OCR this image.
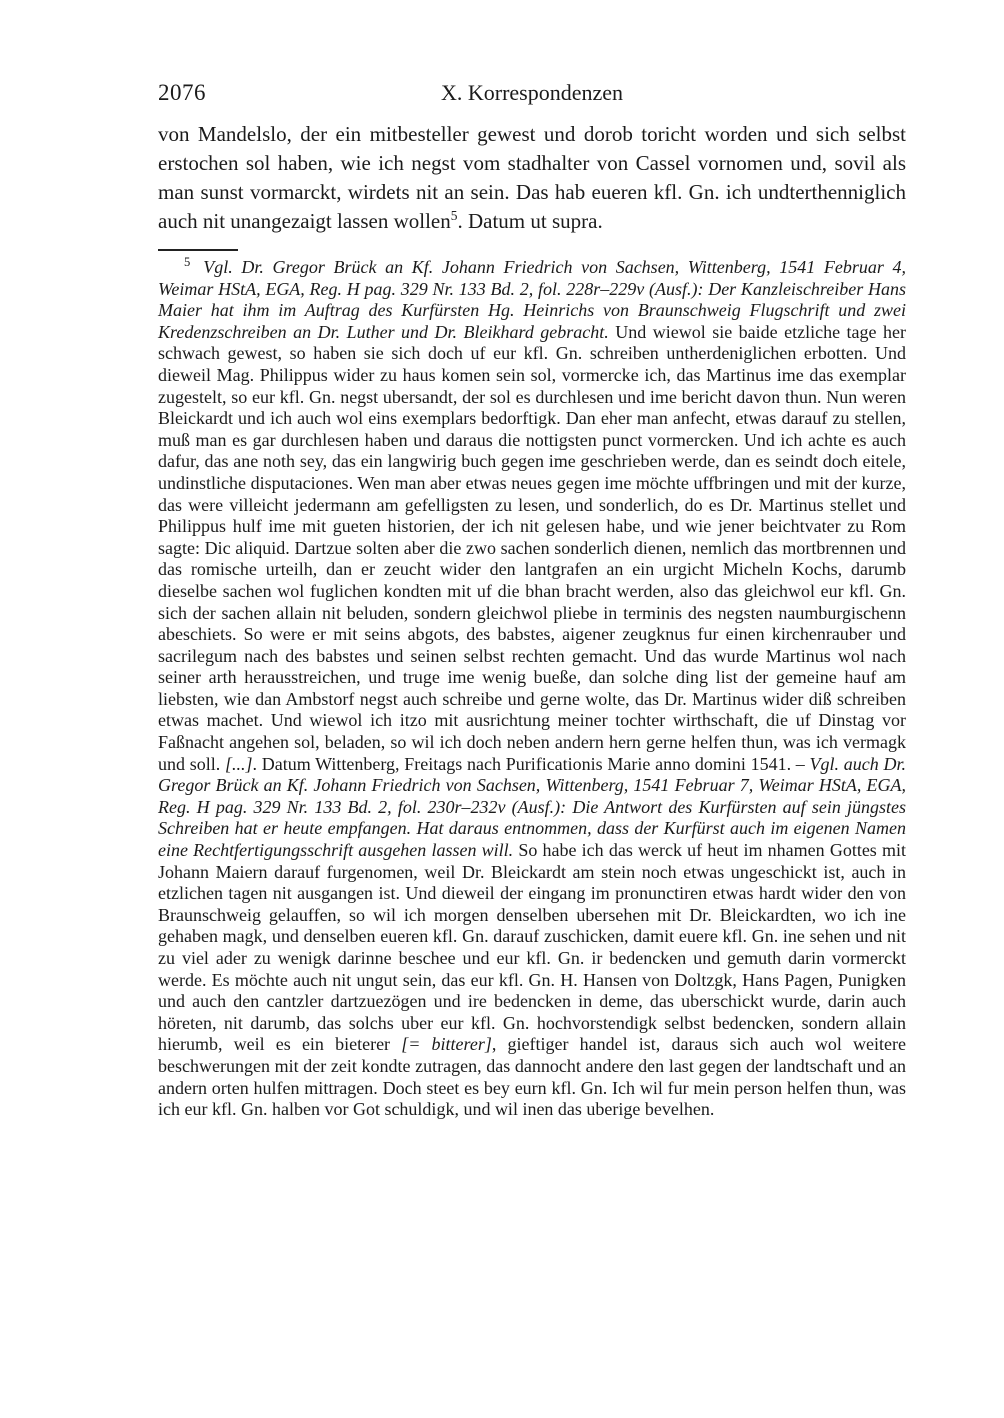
2076	X. Korrespondenzen

von Mandelslo, der ein mitbesteller gewest und dorob toricht worden und sich selbst erstochen sol haben, wie ich negst vom stadhalter von Cassel vornomen und, sovil als man sunst vormarckt, wirdets nit an sein. Das hab eueren kfl. Gn. ich undterthenniglich auch nit unangezaigt lassen wollen$^5$. Datum ut supra.

$^5$ Vgl. Dr. Gregor Brück an Kf. Johann Friedrich von Sachsen, Wittenberg, 1541 Februar 4, Weimar HStA, EGA, Reg. H pag. 329 Nr. 133 Bd. 2, fol. 228r–229v (Ausf.): Der Kanzleischreiber Hans Maier hat ihm im Auftrag des Kurfürsten Hg. Heinrichs von Braunschweig Flugschrift und zwei Kredenzschreiben an Dr. Luther und Dr. Bleikhard gebracht. Und wiewol sie baide etzliche tage her schwach gewest, so haben sie sich doch uf eur kfl. Gn. schreiben untherdeniglichen erbotten. Und dieweil Mag. Philippus wider zu haus komen sein sol, vormercke ich, das Martinus ime das exemplar zugestelt, so eur kfl. Gn. negst ubersandt, der sol es durchlesen und ime bericht davon thun. Nun weren Bleickardt und ich auch wol eins exemplars bedorftigk. Dan eher man anfecht, etwas darauf zu stellen, muß man es gar durchlesen haben und daraus die nottigsten punct vormercken. Und ich achte es auch dafur, das ane noth sey, das ein langwirig buch gegen ime geschrieben werde, dan es seindt doch eitele, undinstliche disputaciones. Wen man aber etwas neues gegen ime möchte uffbringen und mit der kurze, das were villeicht jedermann am gefelligsten zu lesen, und sonderlich, do es Dr. Martinus stellet und Philippus hulf ime mit gueten historien, der ich nit gelesen habe, und wie jener beichtvater zu Rom sagte: Dic aliquid. Dartzue solten aber die zwo sachen sonderlich dienen, nemlich das mortbrennen und das romische urteilh, dan er zeucht wider den lantgrafen an ein urgicht Micheln Kochs, darumb dieselbe sachen wol fuglichen kondten mit uf die bhan bracht werden, also das gleichwol eur kfl. Gn. sich der sachen allain nit beluden, sondern gleichwol pliebe in terminis des negsten naumburgischenn abeschiets. So were er mit seins abgots, des babstes, aigener zeugknus fur einen kirchenrauber und sacrilegum nach des babstes und seinen selbst rechten gemacht. Und das wurde Martinus wol nach seiner arth herausstreichen, und truge ime wenig bueße, dan solche ding list der gemeine hauf am liebsten, wie dan Ambstorf negst auch schreibe und gerne wolte, das Dr. Martinus wider diß schreiben etwas machet. Und wiewol ich itzo mit ausrichtung meiner tochter wirthschaft, die uf Dinstag vor Faßnacht angehen sol, beladen, so wil ich doch neben andern hern gerne helfen thun, was ich vermagk und soll. [...]. Datum Wittenberg, Freitags nach Purificationis Marie anno domini 1541. – Vgl. auch Dr. Gregor Brück an Kf. Johann Friedrich von Sachsen, Wittenberg, 1541 Februar 7, Weimar HStA, EGA, Reg. H pag. 329 Nr. 133 Bd. 2, fol. 230r–232v (Ausf.): Die Antwort des Kurfürsten auf sein jüngstes Schreiben hat er heute empfangen. Hat daraus entnommen, dass der Kurfürst auch im eigenen Namen eine Rechtfertigungsschrift ausgehen lassen will. So habe ich das werck uf heut im nhamen Gottes mit Johann Maiern darauf furgenomen, weil Dr. Bleickardt am stein noch etwas ungeschickt ist, auch in etzlichen tagen nit ausgangen ist. Und dieweil der eingang im pronunctiren etwas hardt wider den von Braunschweig gelauffen, so wil ich morgen denselben ubersehen mit Dr. Bleickardten, wo ich ine gehaben magk, und denselben eueren kfl. Gn. darauf zuschicken, damit euere kfl. Gn. ine sehen und nit zu viel ader zu wenigk darinne beschee und eur kfl. Gn. ir bedencken und gemuth darin vormerckt werde. Es möchte auch nit ungut sein, das eur kfl. Gn. H. Hansen von Doltzgk, Hans Pagen, Punigken und auch den cantzler dartzuezögen und ire bedencken in deme, das uberschickt wurde, darin auch höreten, nit darumb, das solchs uber eur kfl. Gn. hochvorstendigk selbst bedencken, sondern allain hierumb, weil es ein bieterer [= bitterer], gieftiger handel ist, daraus sich auch wol weitere beschwerungen mit der zeit kondte zutragen, das dannocht andere den last gegen der landtschaft und an andern orten hulfen mittragen. Doch steet es bey eurn kfl. Gn. Ich wil fur mein person helfen thun, was ich eur kfl. Gn. halben vor Got schuldigk, und wil inen das uberige bevelhen.
